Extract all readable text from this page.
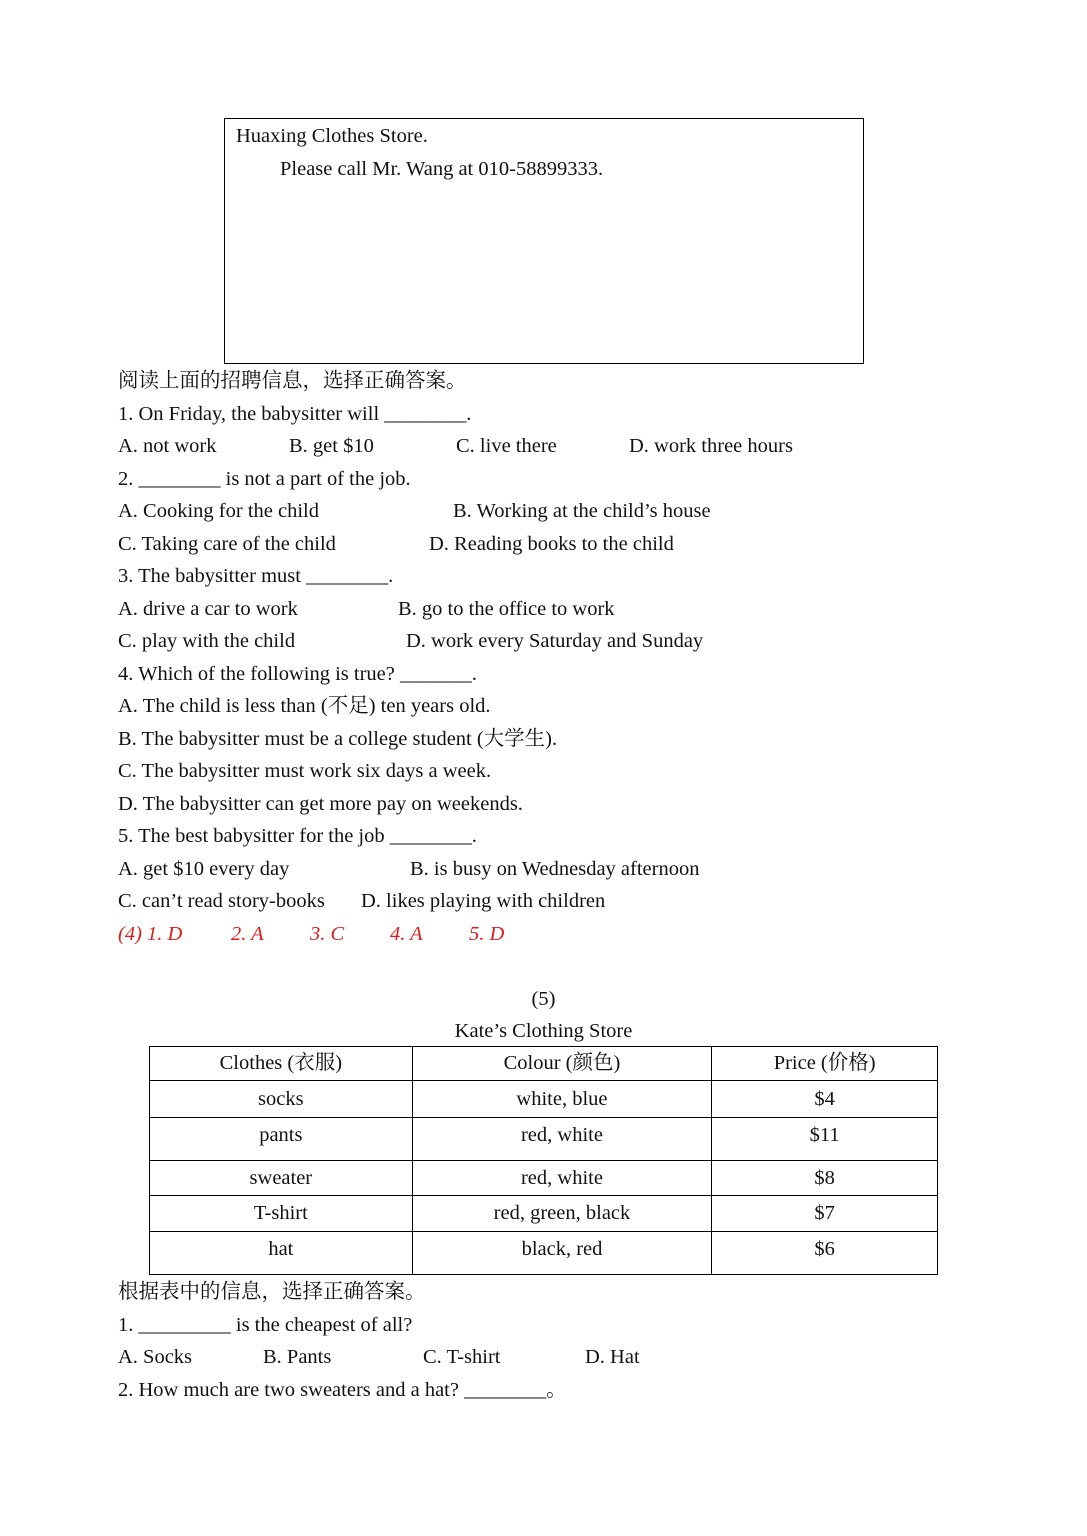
Huaxing Clothes Store.
Please call Mr. Wang at 010-58899333.
阅读上面的招聘信息，选择正确答案。
1. On Friday, the babysitter will ________.
A. not work	B. get $10	C. live there	D. work three hours
2. ________ is not a part of the job.
A. Cooking for the child	B. Working at the child’s house
C. Taking care of the child	D. Reading books to the child
3. The babysitter must ________.
A. drive a car to work	B. go to the office to work
C. play with the child	D. work every Saturday and Sunday
4. Which of the following is true? _______.
A. The child is less than (不足) ten years old.
B. The babysitter must be a college student (大学生).
C. The babysitter must work six days a week.
D. The babysitter can get more pay on weekends.
5. The best babysitter for the job ________.
A. get $10 every day	B. is busy on Wednesday afternoon
C. can’t read story-books D. likes playing with children
(4) 1. D 2. A 3. C 4. A 5. D
(5)
Kate’s Clothing Store
Clothes (衣服)	Colour (颜色)	Price (价格)
socks	white, blue	$4
pants	red, white	$11
sweater	red, white	$8
T-shirt	red, green, black	$7
hat	black, red	$6
根据表中的信息，选择正确答案。
1. _________ is the cheapest of all?
A. Socks	B. Pants	C. T-shirt	D. Hat
2. How much are two sweaters and a hat? ________。
